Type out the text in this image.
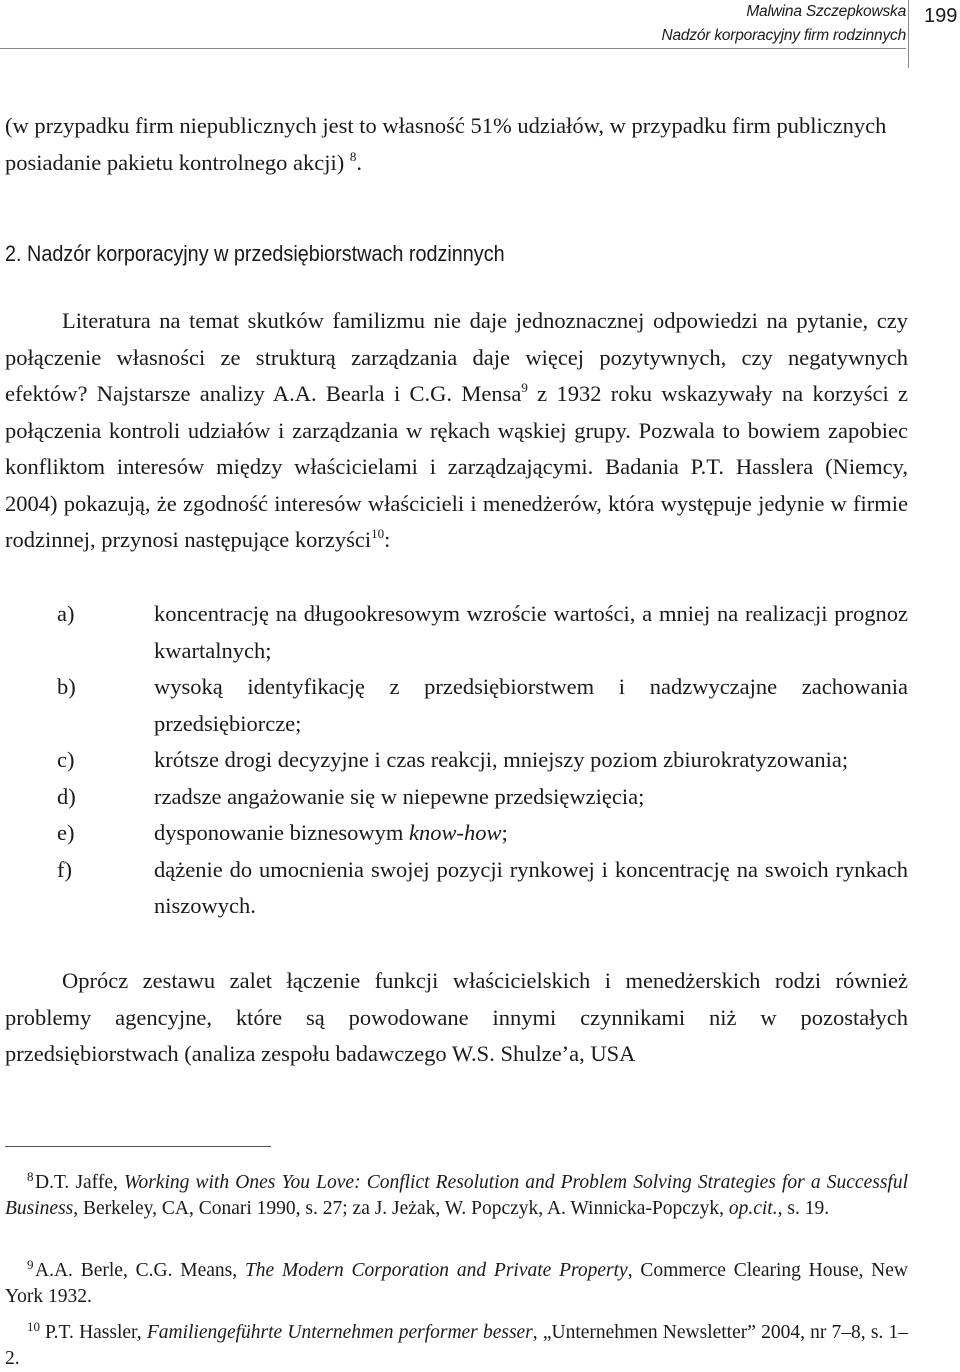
Malwina Szczepkowska
Nadzór korporacyjny firm rodzinnych
199

(w przypadku firm niepublicznych jest to własność 51% udziałów, w przypadku firm publicznych posiadanie pakietu kontrolnego akcji) $^8$.

2. Nadzór korporacyjny w przedsiębiorstwach rodzinnych

Literatura na temat skutków familizmu nie daje jednoznacznej odpowiedzi na pytanie, czy połączenie własności ze strukturą zarządzania daje więcej pozytywnych, czy negatywnych efektów? Najstarsze analizy A.A. Bearla i C.G. Mensa$^9$ z 1932 roku wskazywały na korzyści z połączenia kontroli udziałów i zarządzania w rękach wąskiej grupy. Pozwala to bowiem zapobiec konfliktom interesów między właścicielami i zarządzającymi. Badania P.T. Hasslera (Niemcy, 2004) pokazują, że zgodność interesów właścicieli i menedżerów, która występuje jedynie w firmie rodzinnej, przynosi następujące korzyści$^{10}$:

a)	koncentrację na długookresowym wzroście wartości, a mniej na realizacji prognoz kwartalnych;
b)	wysoką identyfikację z przedsiębiorstwem i nadzwyczajne zachowania przedsiębiorcze;
c)	krótsze drogi decyzyjne i czas reakcji, mniejszy poziom zbiurokratyzowania;
d)	rzadsze angażowanie się w niepewne przedsięwzięcia;
e)	dysponowanie biznesowym know-how;
f)	dążenie do umocnienia swojej pozycji rynkowej i koncentrację na swoich rynkach niszowych.

Oprócz zestawu zalet łączenie funkcji właścicielskich i menedżerskich rodzi również problemy agencyjne, które są powodowane innymi czynnikami niż w pozostałych przedsiębiorstwach (analiza zespołu badawczego W.S. Shulze’a, USA

8D.T. Jaffe, Working with Ones You Love: Conflict Resolution and Problem Solving Strategies for a Successful Business, Berkeley, CA, Conari 1990, s. 27; za J. Jeżak, W. Popczyk, A. Winnicka-Popczyk, op.cit., s. 19.

9A.A. Berle, C.G. Means, The Modern Corporation and Private Property, Commerce Clearing House, New York 1932.

10 P.T. Hassler, Familiengeführte Unternehmen performer besser, „Unternehmen Newsletter” 2004, nr 7–8, s. 1–2.
